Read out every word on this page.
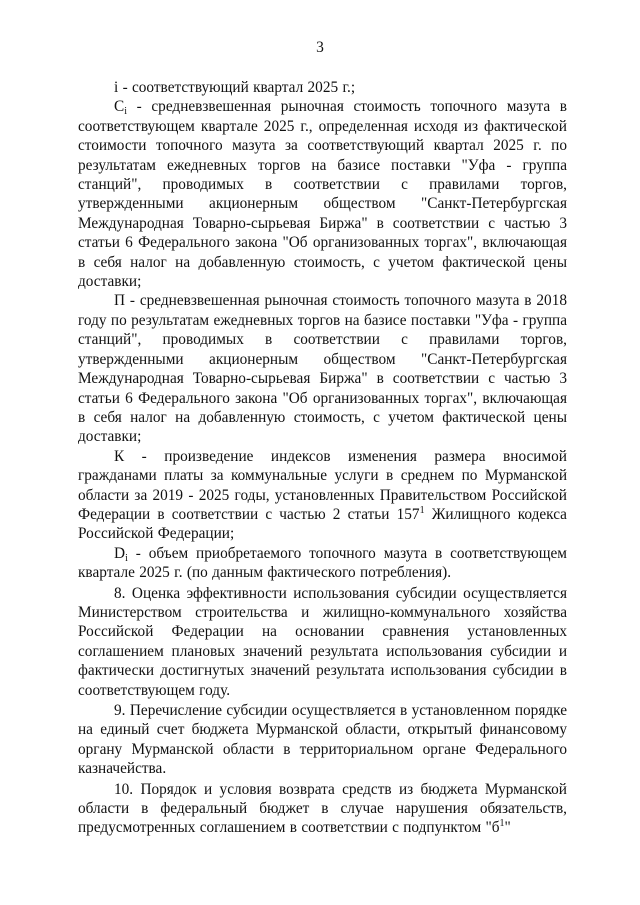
3

i - соответствующий квартал 2025 г.;

$C_i$ - средневзвешенная рыночная стоимость топочного мазута в соответствующем квартале 2025 г., определенная исходя из фактической стоимости топочного мазута за соответствующий квартал 2025 г. по результатам ежедневных торгов на базисе поставки "Уфа - группа станций", проводимых в соответствии с правилами торгов, утвержденными акционерным обществом "Санкт-Петербургская Международная Товарно-сырьевая Биржа" в соответствии с частью 3 статьи 6 Федерального закона "Об организованных торгах", включающая в себя налог на добавленную стоимость, с учетом фактической цены доставки;

П - средневзвешенная рыночная стоимость топочного мазута в 2018 году по результатам ежедневных торгов на базисе поставки "Уфа - группа станций", проводимых в соответствии с правилами торгов, утвержденными акционерным обществом "Санкт-Петербургская Международная Товарно-сырьевая Биржа" в соответствии с частью 3 статьи 6 Федерального закона "Об организованных торгах", включающая в себя налог на добавленную стоимость, с учетом фактической цены доставки;

К - произведение индексов изменения размера вносимой гражданами платы за коммунальные услуги в среднем по Мурманской области за 2019 - 2025 годы, установленных Правительством Российской Федерации в соответствии с частью 2 статьи $157^1$ Жилищного кодекса Российской Федерации;

$D_i$ - объем приобретаемого топочного мазута в соответствующем квартале 2025 г. (по данным фактического потребления).

8. Оценка эффективности использования субсидии осуществляется Министерством строительства и жилищно-коммунального хозяйства Российской Федерации на основании сравнения установленных соглашением плановых значений результата использования субсидии и фактически достигнутых значений результата использования субсидии в соответствующем году.

9. Перечисление субсидии осуществляется в установленном порядке на единый счет бюджета Мурманской области, открытый финансовому органу Мурманской области в территориальном органе Федерального казначейства.

10. Порядок и условия возврата средств из бюджета Мурманской области в федеральный бюджет в случае нарушения обязательств, предусмотренных соглашением в соответствии с подпунктом "$б^1$"
